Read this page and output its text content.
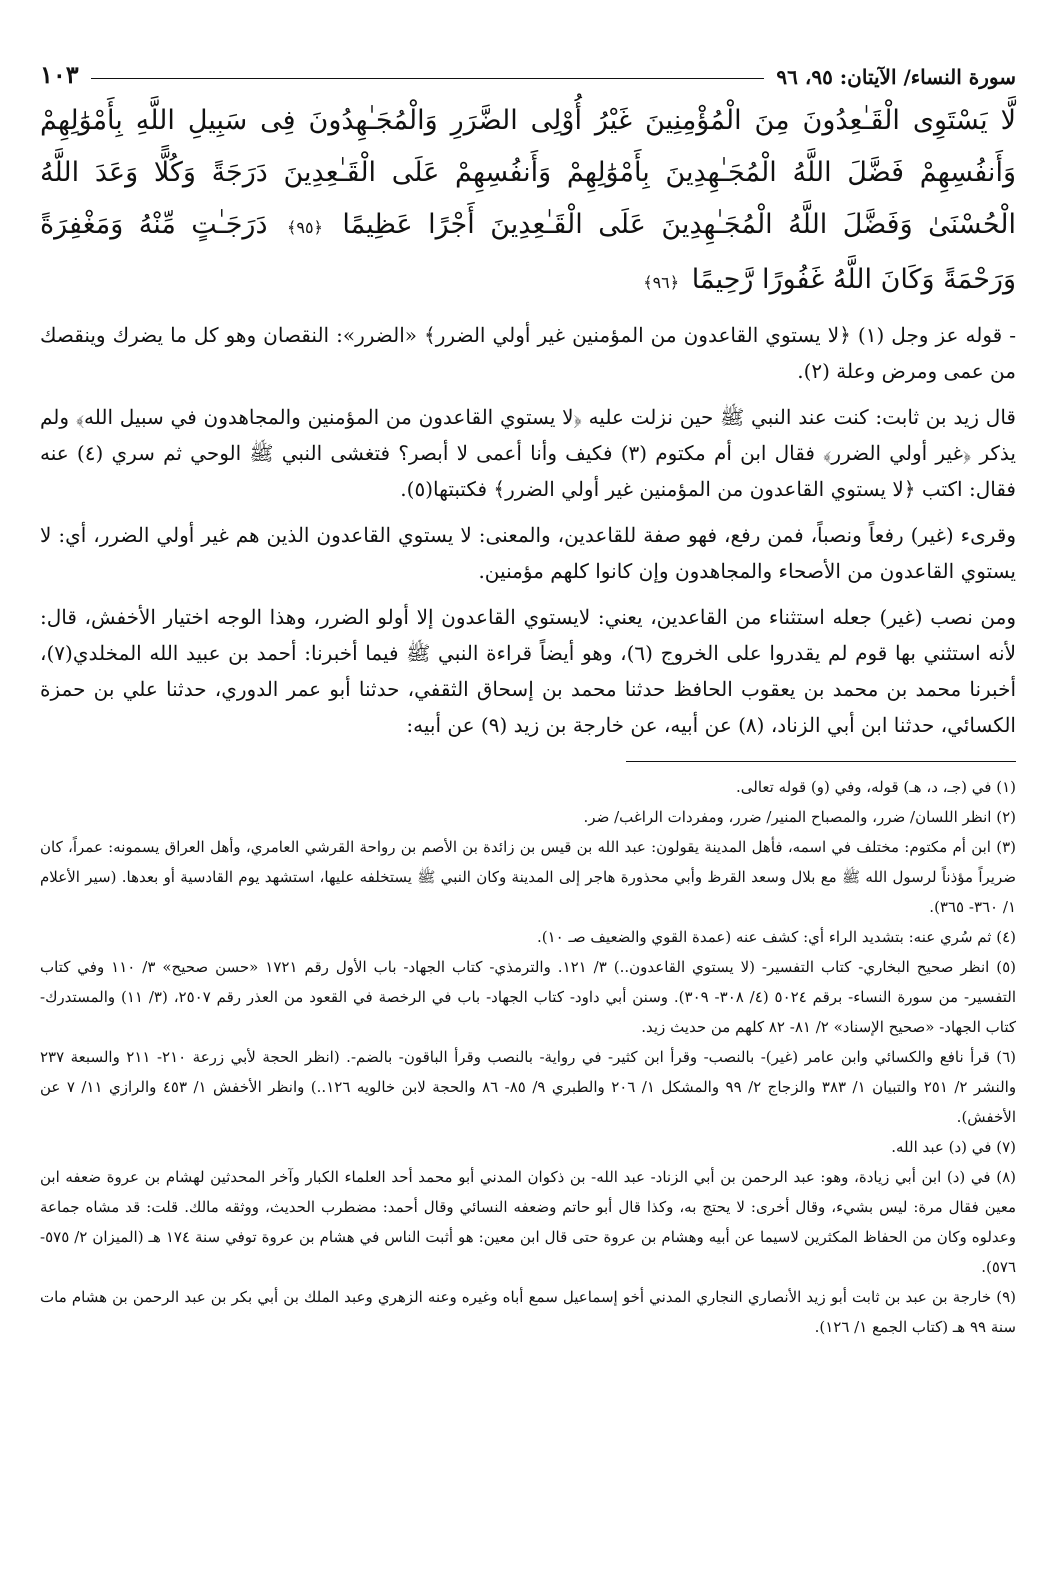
سورة النساء/ الآيتان: ٩٥، ٩٦
١٠٣
لَّا يَسْتَوِى الْقَـٰعِدُونَ مِنَ الْمُؤْمِنِينَ غَيْرُ أُوْلِى الضَّرَرِ وَالْمُجَـٰهِدُونَ فِى سَبِيلِ اللَّهِ بِأَمْوَٰلِهِمْ وَأَنفُسِهِمْ فَضَّلَ اللَّهُ الْمُجَـٰهِدِينَ بِأَمْوَٰلِهِمْ وَأَنفُسِهِمْ عَلَى الْقَـٰعِدِينَ دَرَجَةً وَكُلًّا وَعَدَ اللَّهُ الْحُسْنَىٰ وَفَضَّلَ اللَّهُ الْمُجَـٰهِدِينَ عَلَى الْقَـٰعِدِينَ أَجْرًا عَظِيمًا ﴿٩٥﴾ دَرَجَـٰتٍ مِّنْهُ وَمَغْفِرَةً وَرَحْمَةً وَكَانَ اللَّهُ غَفُورًا رَّحِيمًا ﴿٩٦﴾

- قوله عز وجل (١) ﴿لا يستوي القاعدون من المؤمنين غير أولي الضرر﴾ «الضرر»: النقصان وهو كل ما يضرك وينقصك من عمى ومرض وعلة (٢).

قال زيد بن ثابت: كنت عند النبي ﷺ حين نزلت عليه ﴿لا يستوي القاعدون من المؤمنين والمجاهدون في سبيل الله﴾ ولم يذكر ﴿غير أولي الضرر﴾ فقال ابن أم مكتوم (٣) فكيف وأنا أعمى لا أبصر؟ فتغشى النبي ﷺ الوحي ثم سري (٤) عنه فقال: اكتب ﴿لا يستوي القاعدون من المؤمنين غير أولي الضرر﴾ فكتبتها(٥).

وقرىء (غير) رفعاً ونصباً، فمن رفع، فهو صفة للقاعدين، والمعنى: لا يستوي القاعدون الذين هم غير أولي الضرر، أي: لا يستوي القاعدون من الأصحاء والمجاهدون وإن كانوا كلهم مؤمنين.

ومن نصب (غير) جعله استثناء من القاعدين، يعني: لايستوي القاعدون إلا أولو الضرر، وهذا الوجه اختيار الأخفش، قال: لأنه استثني بها قوم لم يقدروا على الخروج (٦)، وهو أيضاً قراءة النبي ﷺ فيما أخبرنا: أحمد بن عبيد الله المخلدي(٧)، أخبرنا محمد بن محمد بن يعقوب الحافظ حدثنا محمد بن إسحاق الثقفي، حدثنا أبو عمر الدوري، حدثنا علي بن حمزة الكسائي، حدثنا ابن أبي الزناد، (٨) عن أبيه، عن خارجة بن زيد (٩) عن أبيه:

(١) في (جـ، د، هـ) قوله، وفي (و) قوله تعالى.

(٢) انظر اللسان/ ضرر، والمصباح المنير/ ضرر، ومفردات الراغب/ ضر.

(٣) ابن أم مكتوم: مختلف في اسمه، فأهل المدينة يقولون: عبد الله بن قيس بن زائدة بن الأصم بن رواحة القرشي العامري، وأهل العراق يسمونه: عمراً، كان ضريراً مؤذناً لرسول الله ﷺ مع بلال وسعد القرظ وأبي محذورة هاجر إلى المدينة وكان النبي ﷺ يستخلفه عليها، استشهد يوم القادسية أو بعدها. (سير الأعلام ١/ ٣٦٠- ٣٦٥).

(٤) ثم سُري عنه: بتشديد الراء أي: كشف عنه (عمدة القوي والضعيف صـ ١٠).

(٥) انظر صحيح البخاري- كتاب التفسير- (لا يستوي القاعدون..) ٣/ ١٢١. والترمذي- كتاب الجهاد- باب الأول رقم ١٧٢١ «حسن صحيح» ٣/ ١١٠ وفي كتاب التفسير- من سورة النساء- برقم ٥٠٢٤ (٤/ ٣٠٨- ٣٠٩). وسنن أبي داود- كتاب الجهاد- باب في الرخصة في القعود من العذر رقم ٢٥٠٧، (٣/ ١١) والمستدرك- كتاب الجهاد- «صحيح الإسناد» ٢/ ٨١- ٨٢ كلهم من حديث زيد.

(٦) قرأ نافع والكسائي وابن عامر (غير)- بالنصب- وقرأ ابن كثير- في رواية- بالنصب وقرأ الباقون- بالضم-. (انظر الحجة لأبي زرعة ٢١٠- ٢١١ والسبعة ٢٣٧ والنشر ٢/ ٢٥١ والتبيان ١/ ٣٨٣ والزجاج ٢/ ٩٩ والمشكل ١/ ٢٠٦ والطبري ٩/ ٨٥- ٨٦ والحجة لابن خالويه ١٢٦..) وانظر الأخفش ١/ ٤٥٣ والرازي ١١/ ٧ عن الأخفش).

(٧) في (د) عبد الله.

(٨) في (د) ابن أبي زيادة، وهو: عبد الرحمن بن أبي الزناد- عبد الله- بن ذكوان المدني أبو محمد أحد العلماء الكبار وآخر المحدثين لهشام بن عروة ضعفه ابن معين فقال مرة: ليس بشيء، وقال أخرى: لا يحتج به، وكذا قال أبو حاتم وضعفه النسائي وقال أحمد: مضطرب الحديث، ووثقه مالك. قلت: قد مشاه جماعة وعدلوه وكان من الحفاظ المكثرين لاسيما عن أبيه وهشام بن عروة حتى قال ابن معين: هو أثبت الناس في هشام بن عروة توفي سنة ١٧٤ هـ (الميزان ٢/ ٥٧٥- ٥٧٦).

(٩) خارجة بن عبد بن ثابت أبو زيد الأنصاري النجاري المدني أخو إسماعيل سمع أباه وغيره وعنه الزهري وعبد الملك بن أبي بكر بن عبد الرحمن بن هشام مات سنة ٩٩ هـ (كتاب الجمع ١/ ١٢٦).
